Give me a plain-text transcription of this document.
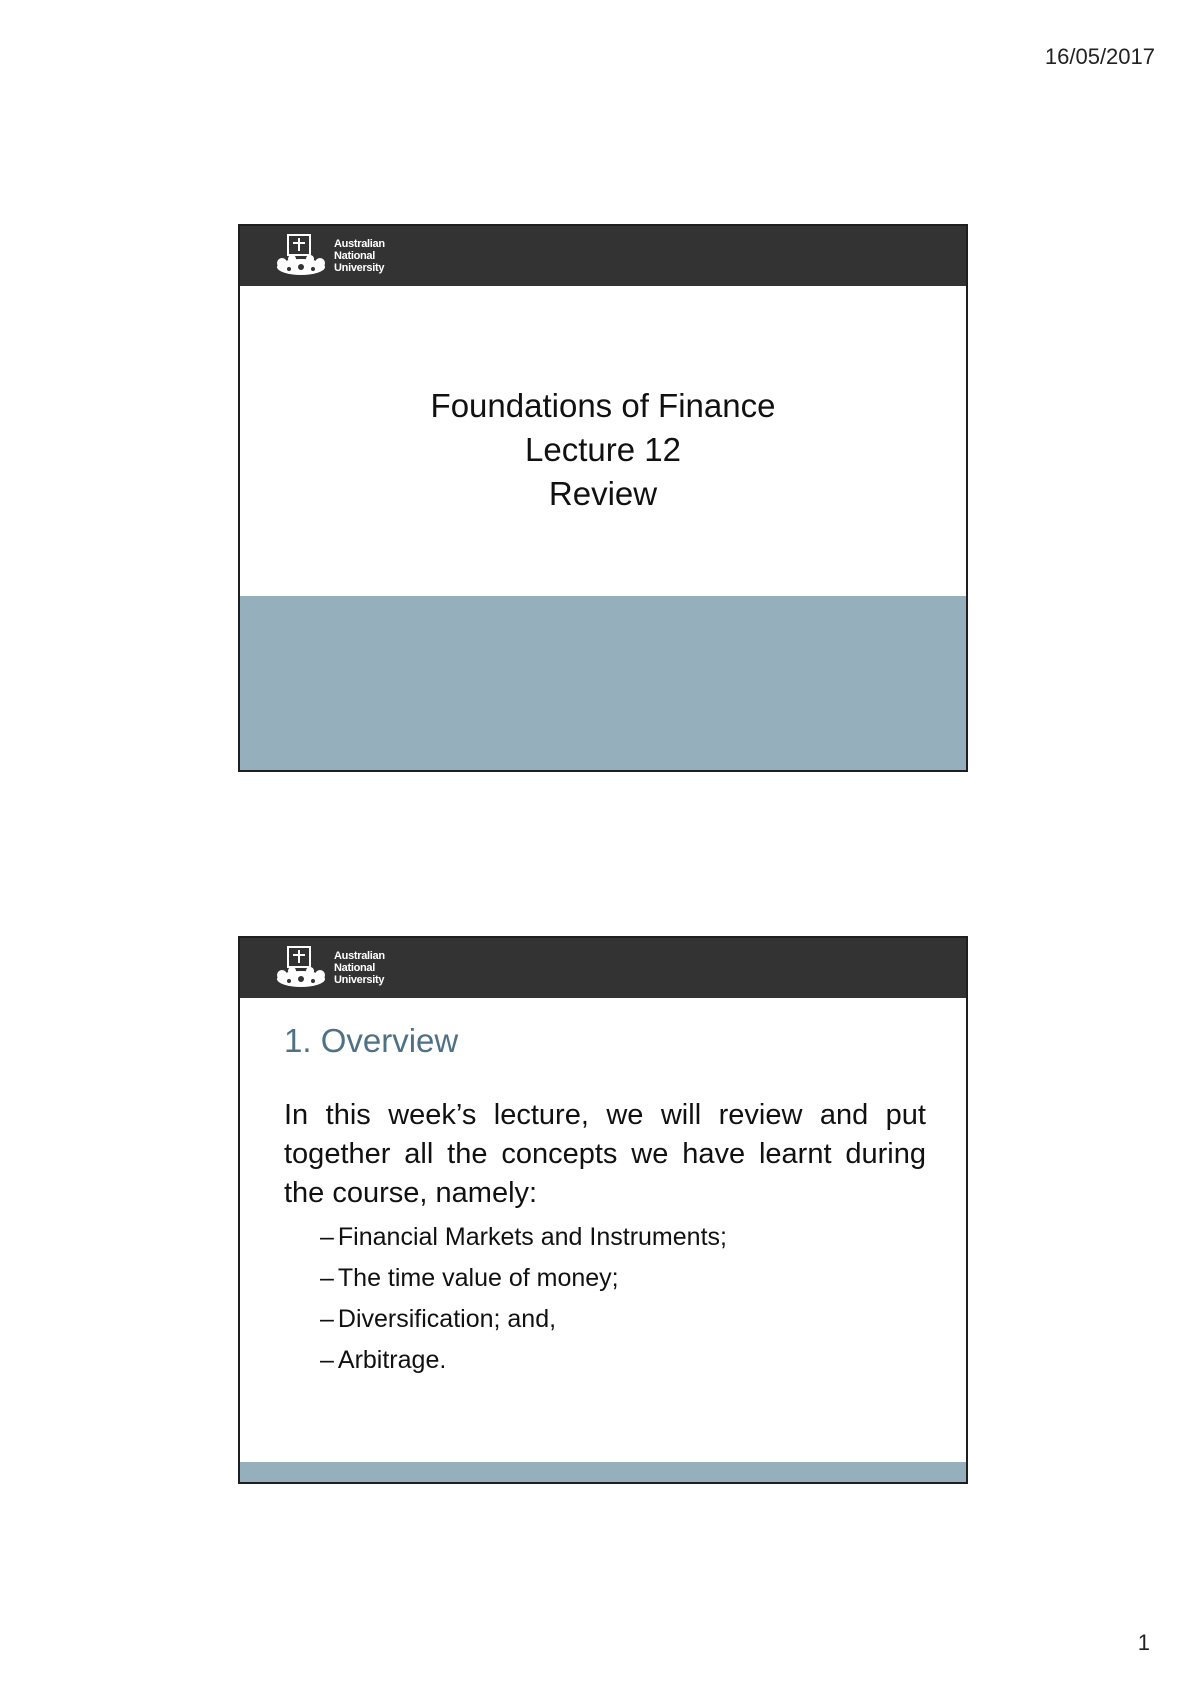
16/05/2017
Australian
National
University
Foundations of Finance
Lecture 12
Review
Australian
National
University
1. Overview
In this week’s lecture, we will review and put together all the concepts we have learnt during the course, namely:
– Financial Markets and Instruments;
– The time value of money;
– Diversification; and,
– Arbitrage.
1
